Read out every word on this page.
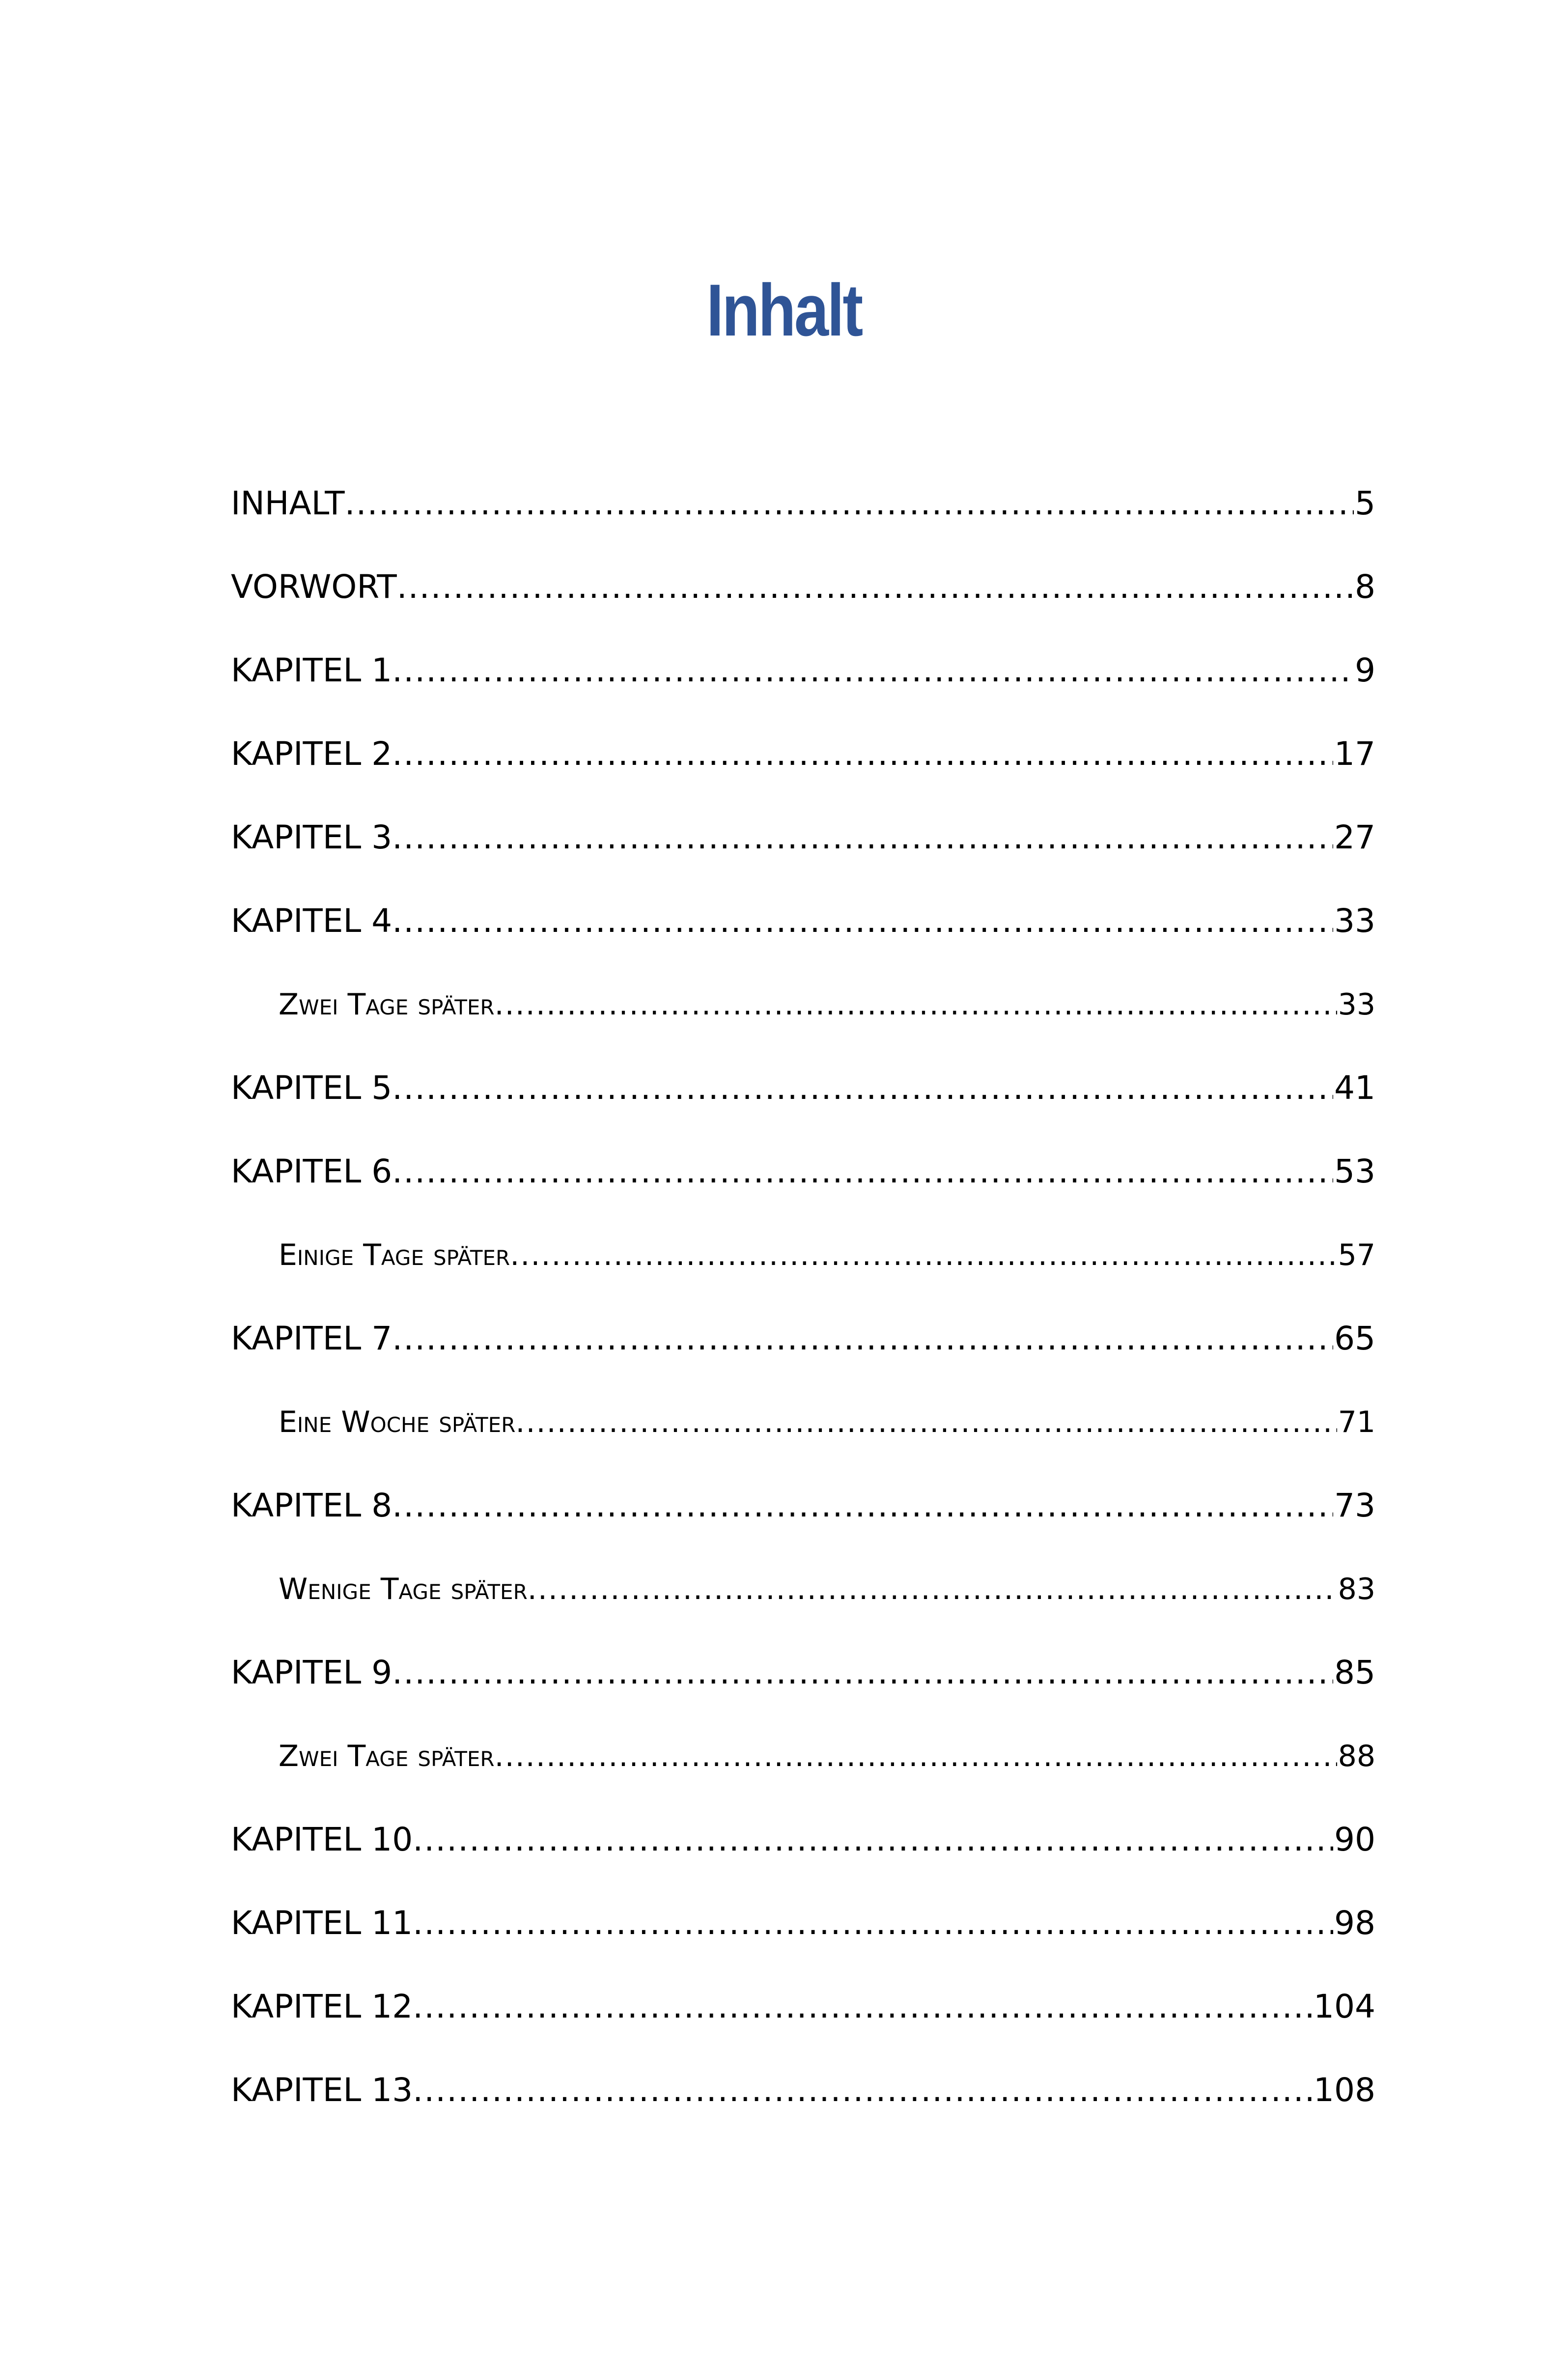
Inhalt
INHALT .....	5
VORWORT .....	8
KAPITEL 1 .....	9
KAPITEL 2 .....	17
KAPITEL 3 .....	27
KAPITEL 4 .....	33
Zwei Tage später .....	33
KAPITEL 5 .....	41
KAPITEL 6 .....	53
Einige Tage später .....	57
KAPITEL 7 .....	65
Eine Woche später .....	71
KAPITEL 8 .....	73
Wenige Tage später .....	83
KAPITEL 9 .....	85
Zwei Tage später .....	88
KAPITEL 10 .....	90
KAPITEL 11 .....	98
KAPITEL 12 .....	104
KAPITEL 13 .....	108
